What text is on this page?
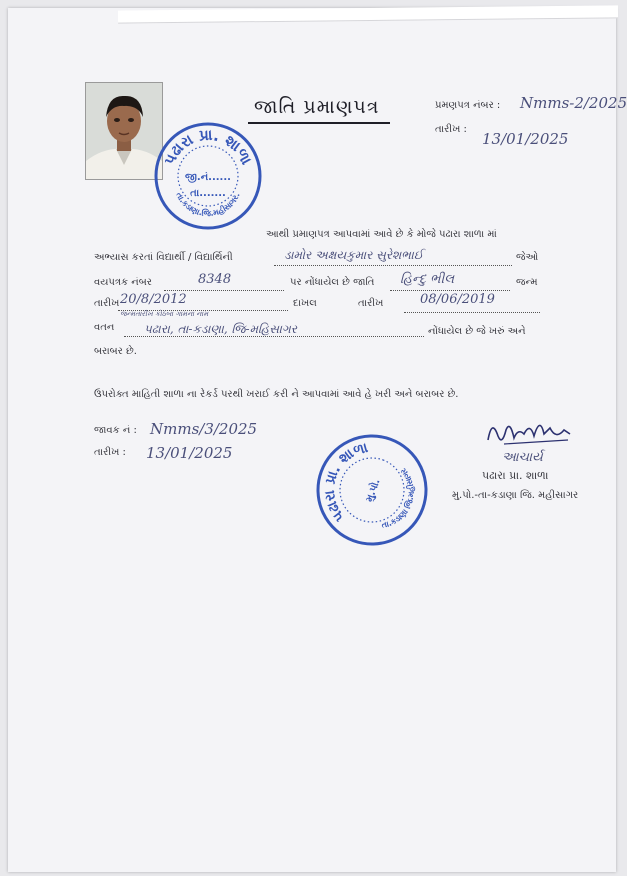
પઢારા પ્રા. શાળા
તા.કડાણા.જિ.મહીસાગર.
જી.નં......
તા.......
જાતિ પ્રમાણપત્ર	પ્રમણપત્ર નંબર : Nmms-2/2025
તારીખ :
13/01/2025
આથી પ્રમાણપત્ર આપવામાં આવે છે કે મોજે પઢારા શાળા માં
અભ્યાસ કરતાં વિદ્યાર્થી / વિદ્યાર્થિની	ડામોર અક્ષયકુમાર સુરેશભાઈ	જેઓ
વયપત્રક નંબર	8348	પર નોંધાયેલ છે જાતિ હિન્દુ ભીલ	જન્મ
તારીખ 20/8/2012
જન્મતારીખ કોઠંબા ગામના નામ
દાખલ	તારીખ	08/06/2019
વતન પઢારા, તા-કડાણા, જિ-મહિસાગર	નોંધાયેલ છે જે ખરું અને
બરાબર છે.
ઉપરોક્ત માહિતી શાળા ના રેકર્ડ પરથી ખરાઈ કરી ને આપવામાં આવે હે ખરી અને બરાબર છે.
જાવક નં : Nmms/3/2025
તારીખ : 13/01/2025
પઢારા પ્રા. શાળા
તા.કડાણા જિ.મહીસાગર
મુ.પો.
આચાર્ય
પઢારા પ્રા. શાળા
મુ.પો.-તા-કડાણા જિ. મહીસાગર
